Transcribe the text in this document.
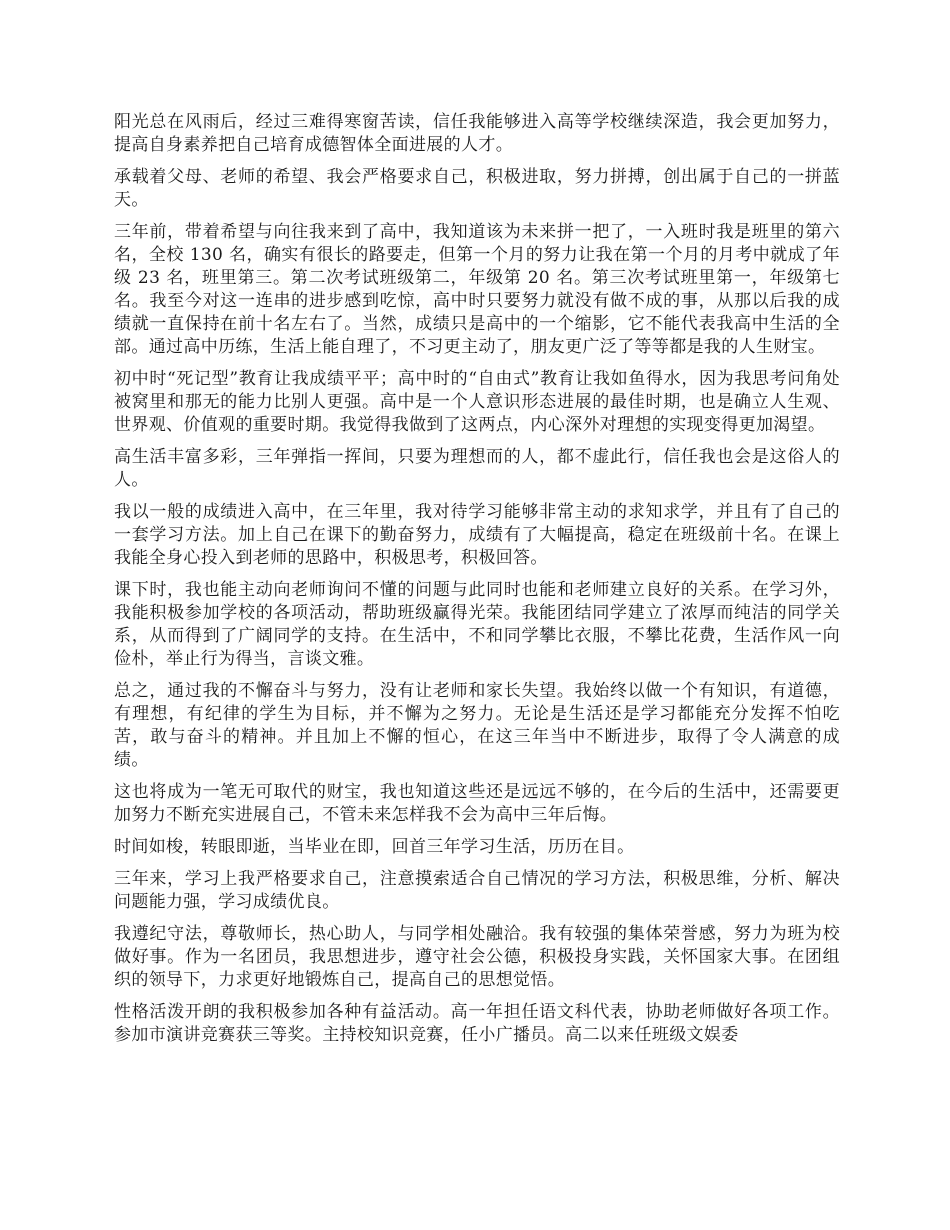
阳光总在风雨后，经过三难得寒窗苦读，信任我能够进入高等学校继续深造，我会更加努力，提高自身素养把自己培育成德智体全面进展的人才。

承载着父母、老师的希望、我会严格要求自己，积极进取，努力拼搏，创出属于自己的一拼蓝天。

三年前，带着希望与向往我来到了高中，我知道该为未来拼一把了，一入班时我是班里的第六名，全校 130 名，确实有很长的路要走，但第一个月的努力让我在第一个月的月考中就成了年级 23 名，班里第三。第二次考试班级第二，年级第 20 名。第三次考试班里第一，年级第七名。我至今对这一连串的进步感到吃惊，高中时只要努力就没有做不成的事，从那以后我的成绩就一直保持在前十名左右了。当然，成绩只是高中的一个缩影，它不能代表我高中生活的全部。通过高中历练，生活上能自理了，不习更主动了，朋友更广泛了等等都是我的人生财宝。

初中时“死记型”教育让我成绩平平；高中时的“自由式”教育让我如鱼得水，因为我思考问角处被窝里和那无的能力比别人更强。高中是一个人意识形态进展的最佳时期，也是确立人生观、世界观、价值观的重要时期。我觉得我做到了这两点，内心深外对理想的实现变得更加渴望。

高生活丰富多彩，三年弹指一挥间，只要为理想而的人，都不虚此行，信任我也会是这俗人的人。

我以一般的成绩进入高中，在三年里，我对待学习能够非常主动的求知求学，并且有了自己的一套学习方法。加上自己在课下的勤奋努力，成绩有了大幅提高，稳定在班级前十名。在课上我能全身心投入到老师的思路中，积极思考，积极回答。

课下时，我也能主动向老师询问不懂的问题与此同时也能和老师建立良好的关系。在学习外，我能积极参加学校的各项活动，帮助班级赢得光荣。我能团结同学建立了浓厚而纯洁的同学关系，从而得到了广阔同学的支持。在生活中，不和同学攀比衣服，不攀比花费，生活作风一向俭朴，举止行为得当，言谈文雅。

总之，通过我的不懈奋斗与努力，没有让老师和家长失望。我始终以做一个有知识，有道德，有理想，有纪律的学生为目标，并不懈为之努力。无论是生活还是学习都能充分发挥不怕吃苦，敢与奋斗的精神。并且加上不懈的恒心，在这三年当中不断进步，取得了令人满意的成绩。

这也将成为一笔无可取代的财宝，我也知道这些还是远远不够的，在今后的生活中，还需要更加努力不断充实进展自己，不管未来怎样我不会为高中三年后悔。

时间如梭，转眼即逝，当毕业在即，回首三年学习生活，历历在目。

三年来，学习上我严格要求自己，注意摸索适合自己情况的学习方法，积极思维，分析、解决问题能力强，学习成绩优良。

我遵纪守法，尊敬师长，热心助人，与同学相处融洽。我有较强的集体荣誉感，努力为班为校做好事。作为一名团员，我思想进步，遵守社会公德，积极投身实践，关怀国家大事。在团组织的领导下，力求更好地锻炼自己，提高自己的思想觉悟。

性格活泼开朗的我积极参加各种有益活动。高一年担任语文科代表，协助老师做好各项工作。参加市演讲竞赛获三等奖。主持校知识竞赛，任小广播员。高二以来任班级文娱委
